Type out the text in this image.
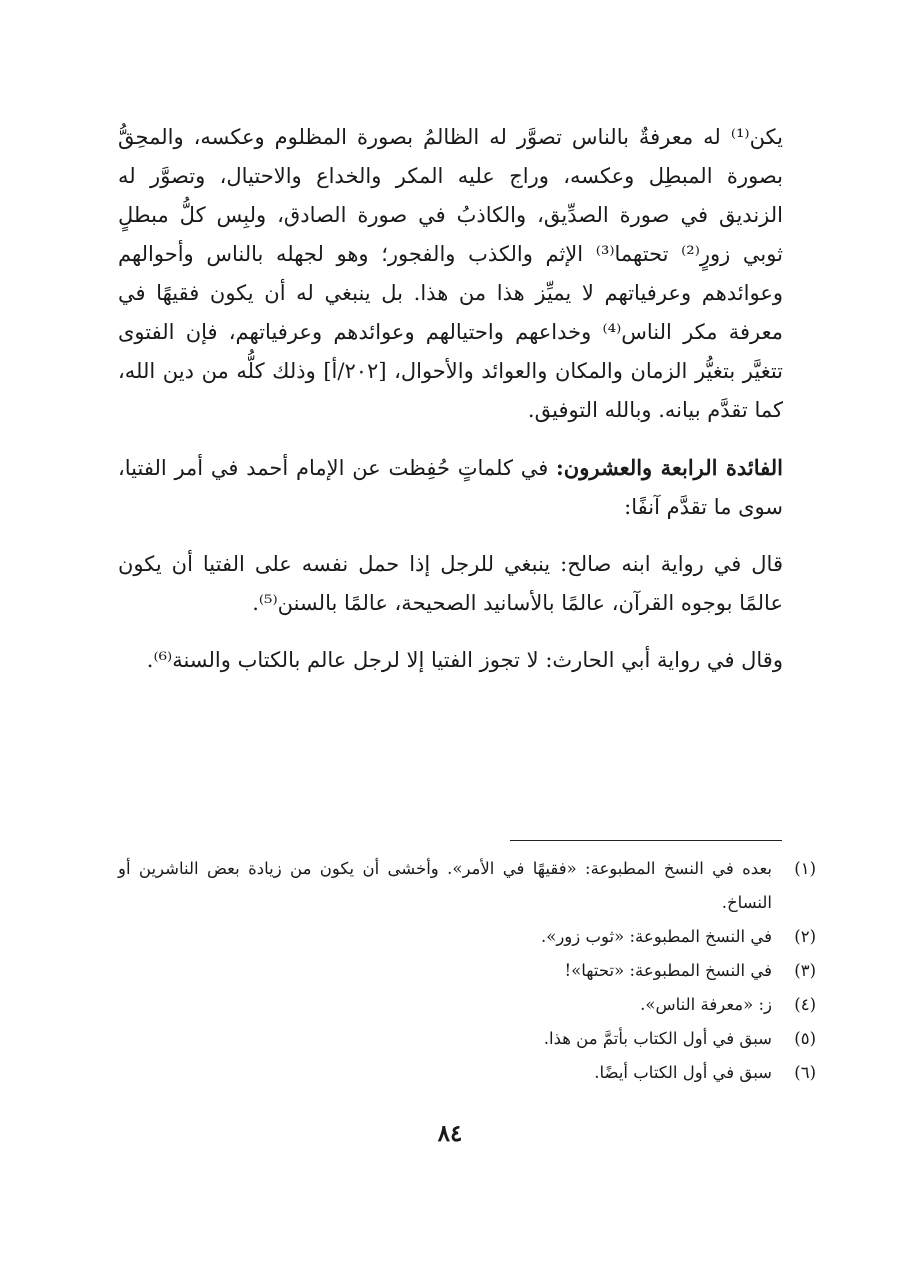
يكن⁽¹⁾ له معرفةٌ بالناس تصوَّر له الظالمُ بصورة المظلوم وعكسه، والمحِقُّ بصورة المبطِل وعكسه، وراج عليه المكر والخداع والاحتيال، وتصوَّر له الزنديق في صورة الصدِّيق، والكاذبُ في صورة الصادق، ولبِس كلُّ مبطلٍ ثوبي زورٍ⁽²⁾ تحتهما⁽³⁾ الإثم والكذب والفجور؛ وهو لجهله بالناس وأحوالهم وعوائدهم وعرفياتهم لا يميِّز هذا من هذا. بل ينبغي له أن يكون فقيهًا في معرفة مكر الناس⁽⁴⁾ وخداعهم واحتيالهم وعوائدهم وعرفياتهم، فإن الفتوى تتغيَّر بتغيُّر الزمان والمكان والعوائد والأحوال، [٢٠٢/أ] وذلك كلُّه من دين الله، كما تقدَّم بيانه. وبالله التوفيق.

الفائدة الرابعة والعشرون: في كلماتٍ حُفِظت عن الإمام أحمد في أمر الفتيا، سوى ما تقدَّم آنفًا:

قال في رواية ابنه صالح: ينبغي للرجل إذا حمل نفسه على الفتيا أن يكون عالمًا بوجوه القرآن، عالمًا بالأسانيد الصحيحة، عالمًا بالسنن⁽⁵⁾.

وقال في رواية أبي الحارث: لا تجوز الفتيا إلا لرجل عالم بالكتاب والسنة⁽⁶⁾.

(١)
بعده في النسخ المطبوعة: «فقيهًا في الأمر». وأخشى أن يكون من زيادة بعض الناشرين أو النساخ.
(٢)
في النسخ المطبوعة: «ثوب زور».
(٣)
في النسخ المطبوعة: «تحتها»!
(٤)
ز: «معرفة الناس».
(٥)
سبق في أول الكتاب بأتمَّ من هذا.
(٦)
سبق في أول الكتاب أيضًا.
٨٤
